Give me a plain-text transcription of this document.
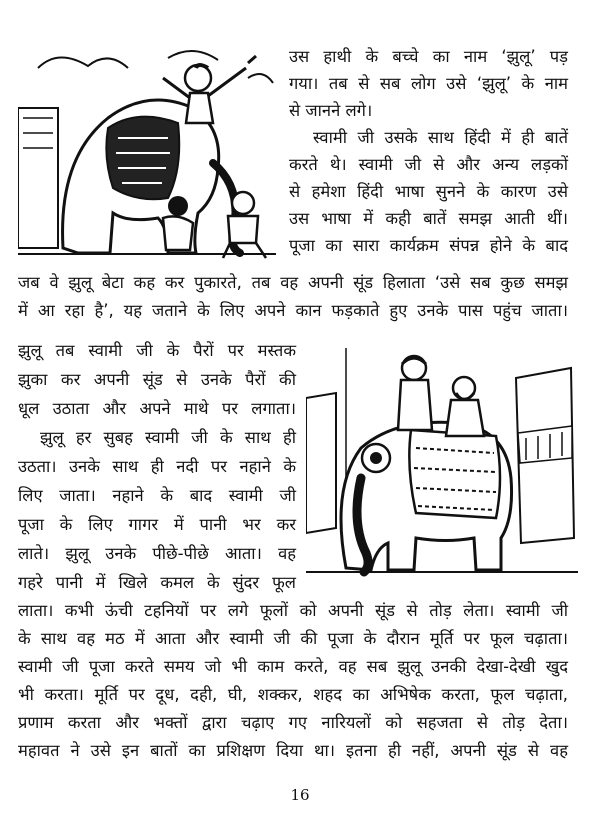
उस हाथी के बच्चे का नाम ‘झुलू’ पड़
गया। तब से सब लोग उसे ‘झुलू’ के नाम
से जानने लगे।
स्वामी जी उसके साथ हिंदी में ही बातें
करते थे। स्वामी जी से और अन्य लड़कों
से हमेशा हिंदी भाषा सुनने के कारण उसे
उस भाषा में कही बातें समझ आती थीं।
पूजा का सारा कार्यक्रम संपन्न होने के बाद
जब वे झुलू बेटा कह कर पुकारते, तब वह अपनी सूंड हिलाता ‘उसे सब कुछ समझ
में आ रहा है’, यह जताने के लिए अपने कान फड़काते हुए उनके पास पहुंच जाता।
झुलू तब स्वामी जी के पैरों पर मस्तक
झुका कर अपनी सूंड से उनके पैरों की
धूल उठाता और अपने माथे पर लगाता।
झुलू हर सुबह स्वामी जी के साथ ही
उठता। उनके साथ ही नदी पर नहाने के
लिए जाता। नहाने के बाद स्वामी जी
पूजा के लिए गागर में पानी भर कर
लाते। झुलू उनके पीछे-पीछे आता। वह
गहरे पानी में खिले कमल के सुंदर फूल
लाता। कभी ऊंची टहनियों पर लगे फूलों को अपनी सूंड से तोड़ लेता। स्वामी जी
के साथ वह मठ में आता और स्वामी जी की पूजा के दौरान मूर्ति पर फूल चढ़ाता।
स्वामी जी पूजा करते समय जो भी काम करते, वह सब झुलू उनकी देखा-देखी खुद
भी करता। मूर्ति पर दूध, दही, घी, शक्कर, शहद का अभिषेक करता, फूल चढ़ाता,
प्रणाम करता और भक्तों द्वारा चढ़ाए गए नारियलों को सहजता से तोड़ देता।
महावत ने उसे इन बातों का प्रशिक्षण दिया था। इतना ही नहीं, अपनी सूंड से वह
16
